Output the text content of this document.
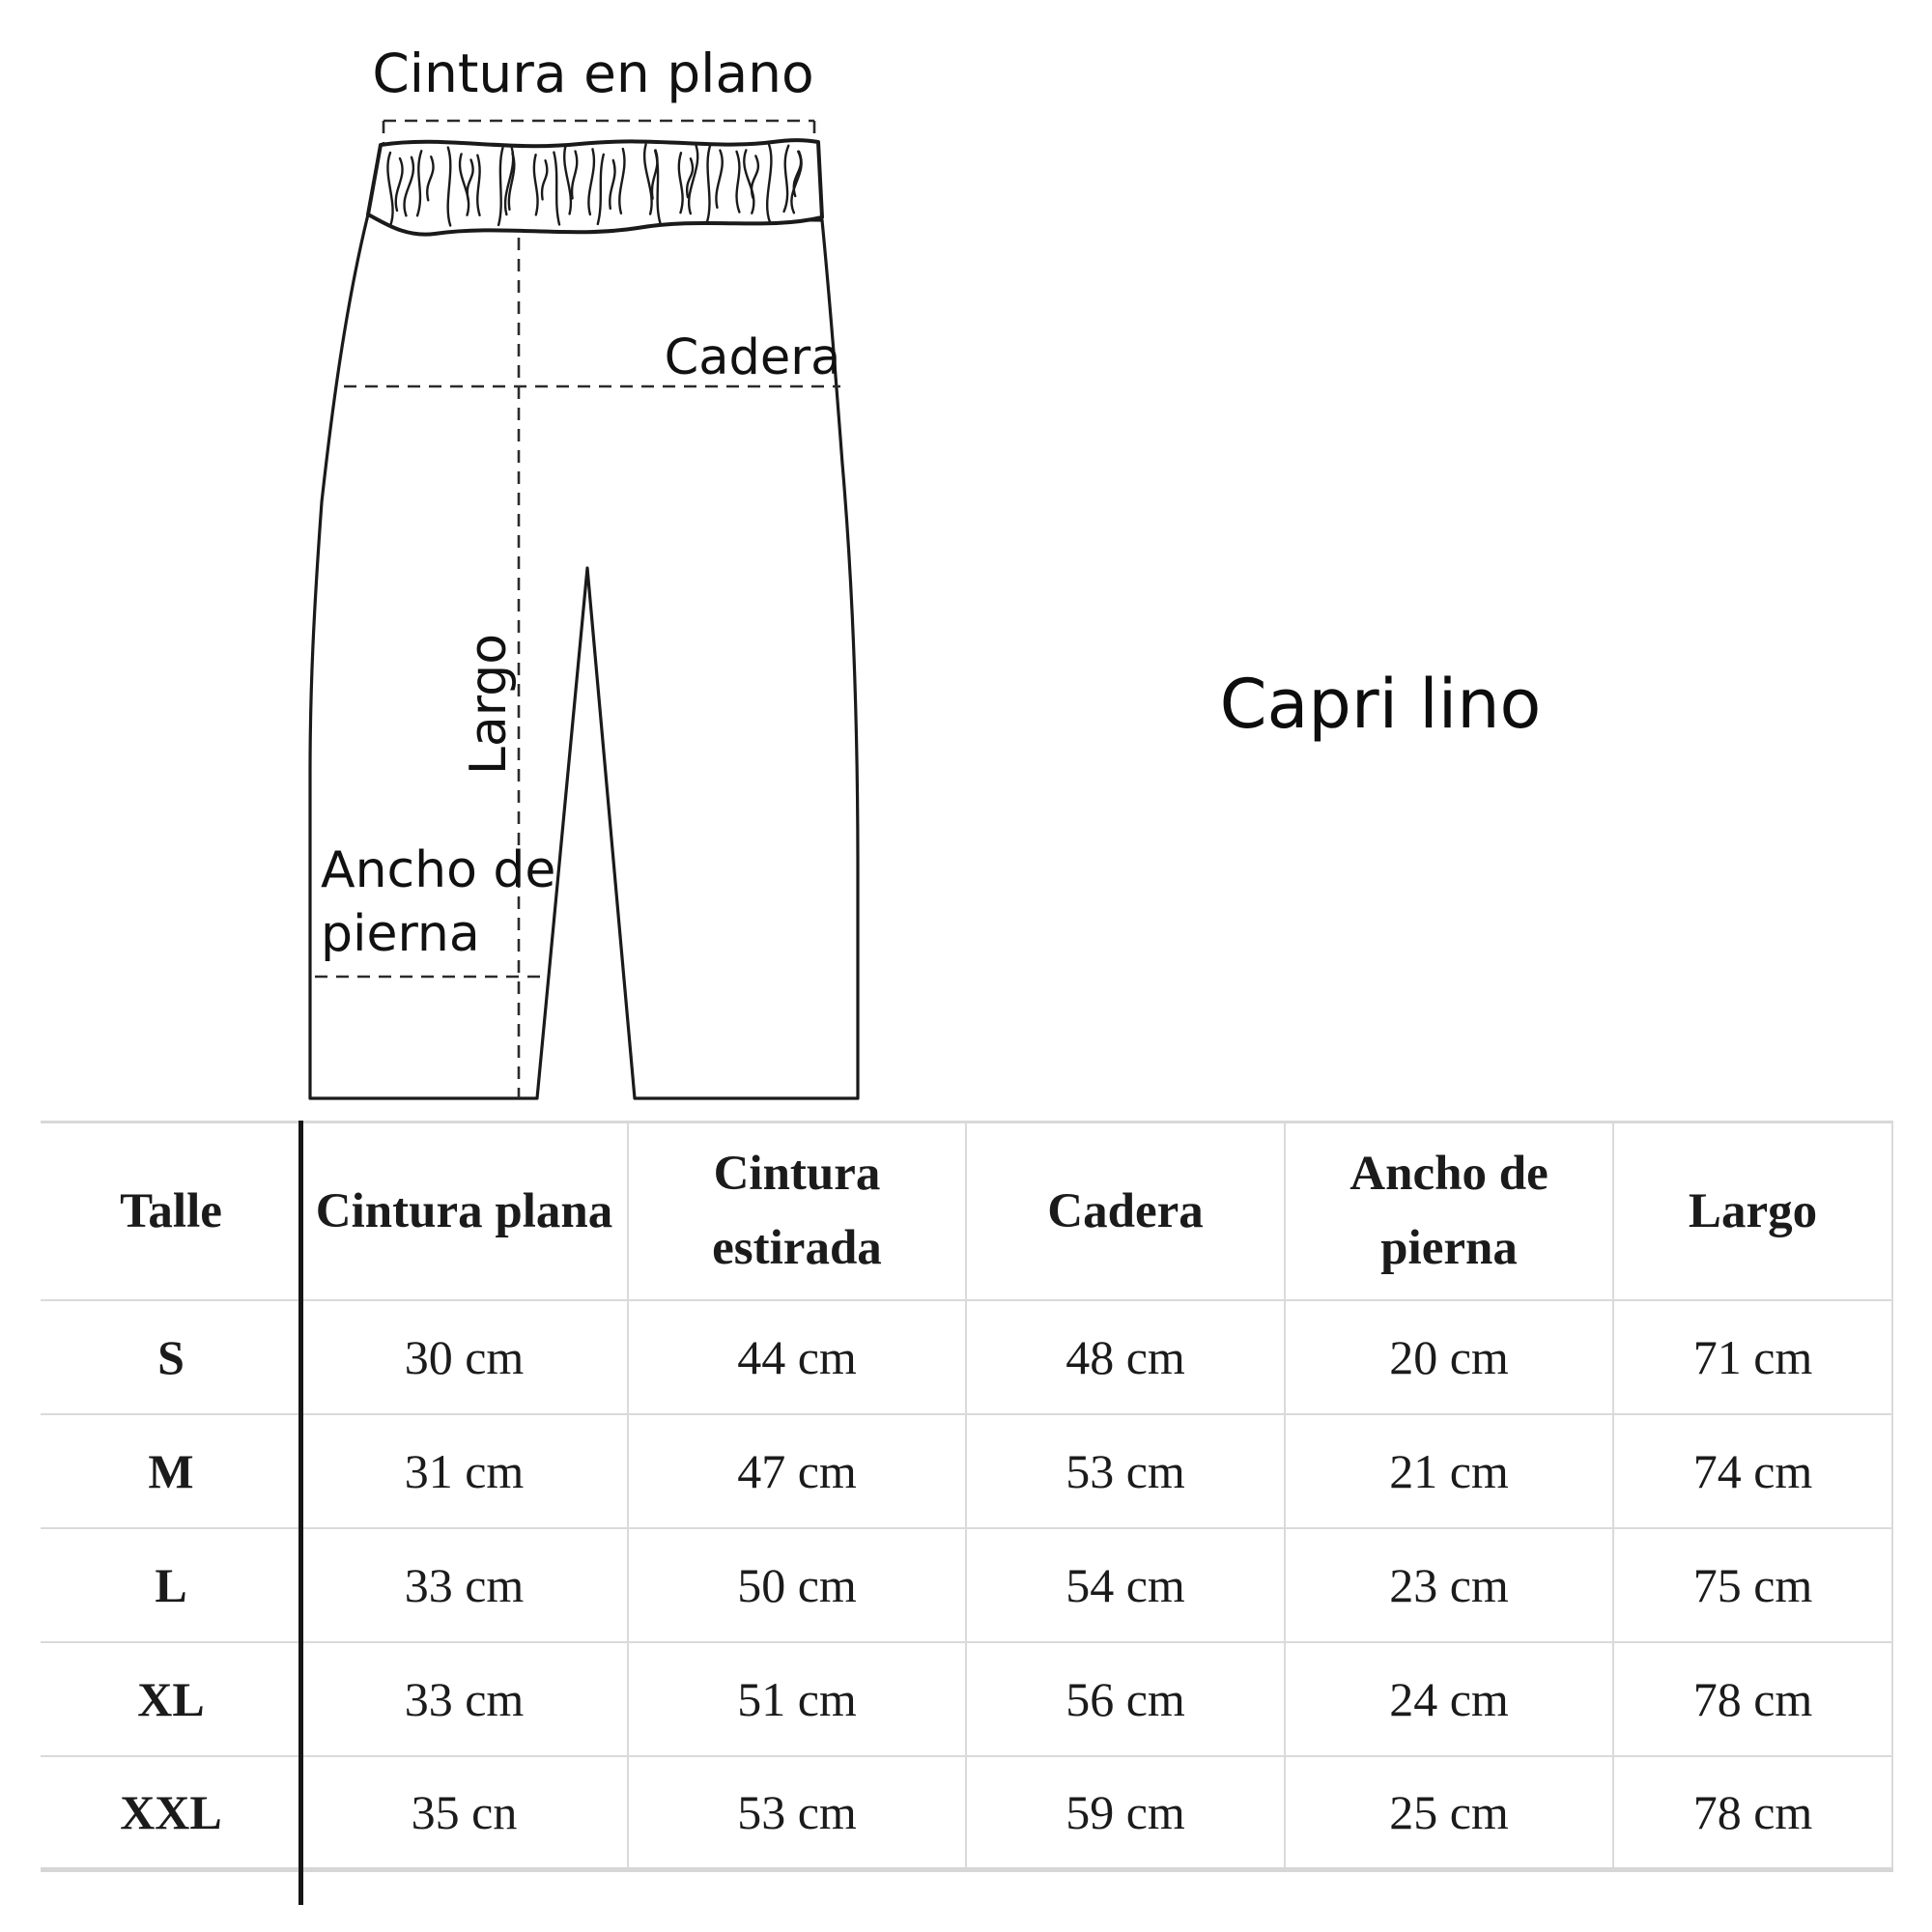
Cintura en plano
Cadera
Largo
Ancho de pierna
Capri lino
Talle	Cintura plana	Cintura estirada	Cadera	Ancho de pierna	Largo
S	30 cm	44 cm	48 cm	20 cm	71 cm
M	31 cm	47 cm	53 cm	21 cm	74 cm
L	33 cm	50 cm	54 cm	23 cm	75 cm
XL	33 cm	51 cm	56 cm	24 cm	78 cm
XXL	35 cn	53 cm	59 cm	25 cm	78 cm
